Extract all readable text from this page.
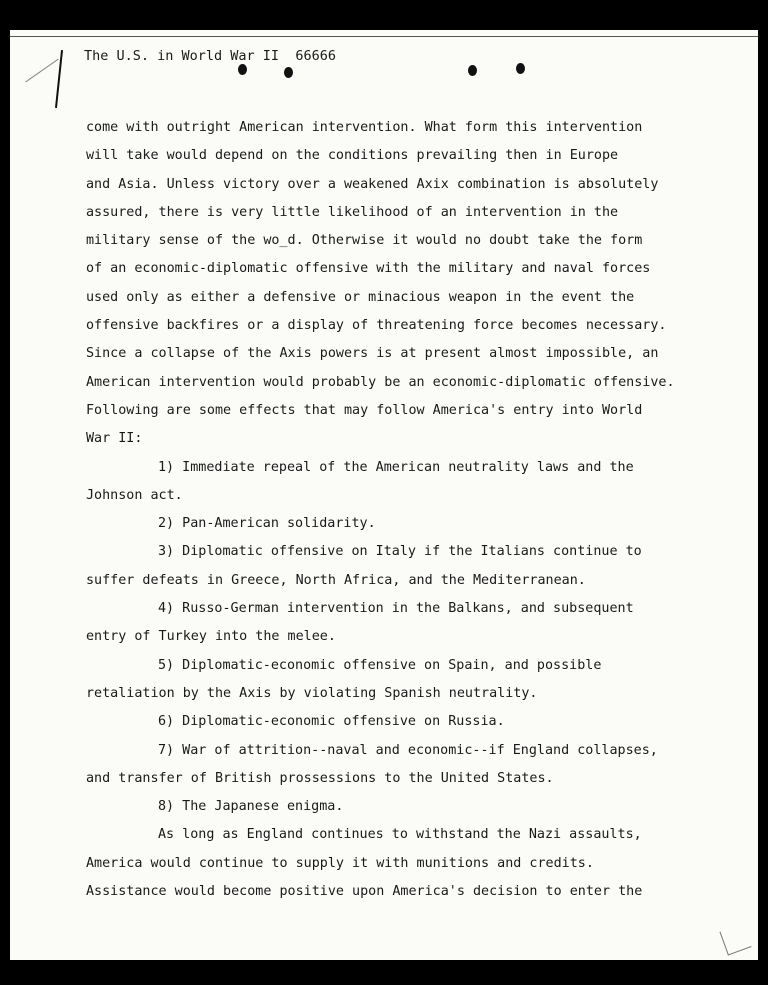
The U.S. in World War II  66666
come with outright American intervention. What form this intervention
will take would depend on the conditions prevailing then in Europe
and Asia. Unless victory over a weakened Axix combination is absolutely
assured, there is very little likelihood of an intervention in the
military sense of the wo̲d. Otherwise it would no doubt take the form
of an economic-diplomatic offensive with the military and naval forces
used only as either a defensive or minacious weapon in the event the
offensive backfires or a display of threatening force becomes necessary.
Since a collapse of the Axis powers is at present almost impossible, an
American intervention would probably be an economic-diplomatic offensive.
Following are some effects that may follow America's entry into World
War II:
1) Immediate repeal of the American neutrality laws and the
Johnson act.
2) Pan-American solidarity.
3) Diplomatic offensive on Italy if the Italians continue to
suffer defeats in Greece, North Africa, and the Mediterranean.
4) Russo-German intervention in the Balkans, and subsequent
entry of Turkey into the melee.
5) Diplomatic-economic offensive on Spain, and possible
retaliation by the Axis by violating Spanish neutrality.
6) Diplomatic-economic offensive on Russia.
7) War of attrition--naval and economic--if England collapses,
and transfer of British prossessions to the United States.
8) The Japanese enigma.
As long as England continues to withstand the Nazi assaults,
America would continue to supply it with munitions and credits.
Assistance would become positive upon America's decision to enter the
